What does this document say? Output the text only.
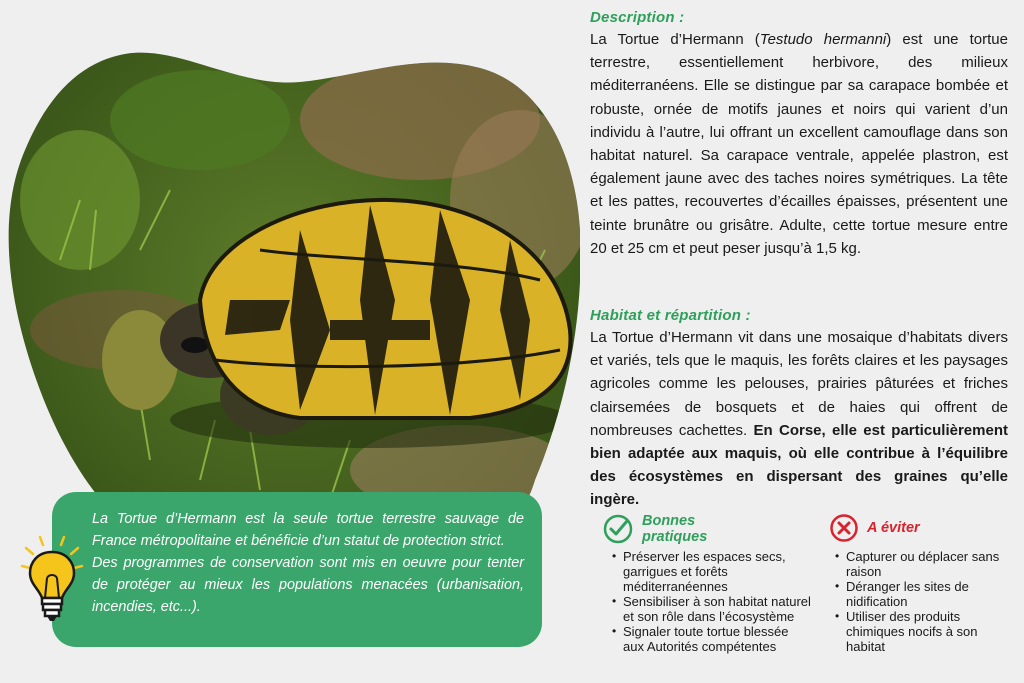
Description :
La Tortue d’Hermann (Testudo hermanni) est une tortue terrestre, essentiellement herbivore, des milieux méditerranéens. Elle se distingue par sa carapace bombée et robuste, ornée de motifs jaunes et noirs qui varient d’un individu à l’autre, lui offrant un excellent camouflage dans son habitat naturel. Sa carapace ventrale, appelée plastron, est également jaune avec des taches noires symétriques. La tête et les pattes, recouvertes d’écailles épaisses, présentent une teinte brunâtre ou grisâtre. Adulte, cette tortue mesure entre 20 et 25 cm et peut peser jusqu’à 1,5 kg.
Habitat et répartition :
La Tortue d’Hermann vit dans une mosaique d’habitats divers et variés, tels que le maquis, les forêts claires et les paysages agricoles comme les pelouses, prairies pâturées et friches clairsemées de bosquets et de haies qui offrent de nombreuses cachettes. En Corse, elle est particulièrement bien adaptée aux maquis, où elle contribue à l’équilibre des écosystèmes en dispersant des graines qu’elle ingère.

La Tortue d’Hermann est la seule tortue terrestre sauvage de France métropolitaine et bénéficie d’un statut de protection strict.

Des programmes de conservation sont mis en oeuvre pour tenter de protéger au mieux les populations menacées (urbanisation, incendies, etc...).

Bonnes
pratiques
• Préserver les espaces secs, garrigues et forêts méditerranéennes
• Sensibiliser à son habitat naturel et son rôle dans l’écosystème
• Signaler toute tortue blessée aux Autorités compétentes
A éviter
• Capturer ou déplacer sans raison
• Déranger les sites de nidification
• Utiliser des produits chimiques nocifs à son habitat
